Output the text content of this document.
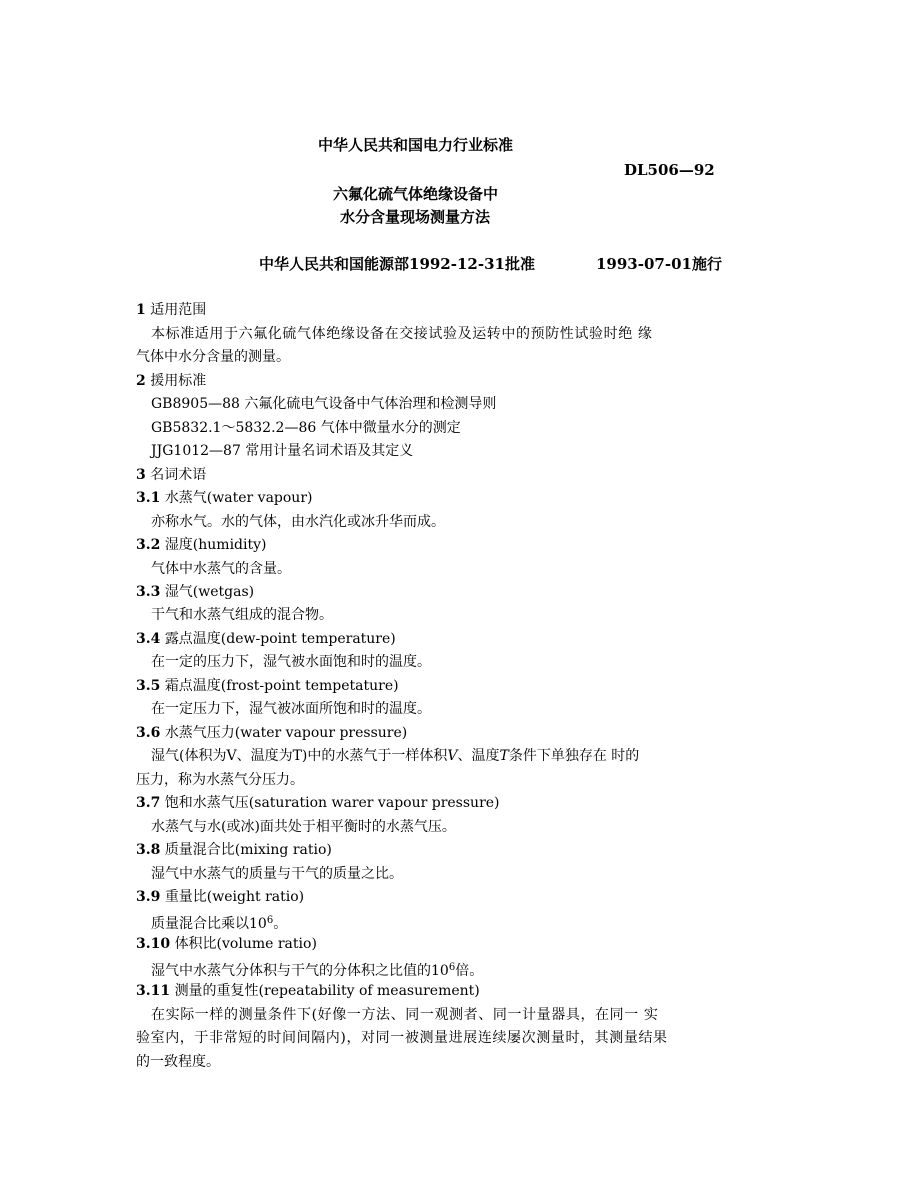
中华人民共和国电力行业标准
DL506—92
六氟化硫气体绝缘设备中
水分含量现场测量方法
中华人民共和国能源部1992-12-31批准	1993-07-01施行
1 适用范围
本标准适用于六氟化硫气体绝缘设备在交接试验及运转中的预防性试验时绝 缘
气体中水分含量的测量。
2 援用标准
GB8905—88 六氟化硫电气设备中气体治理和检测导则
GB5832.1～5832.2—86 气体中微量水分的测定
JJG1012—87 常用计量名词术语及其定义
3 名词术语
3.1 水蒸气(water vapour)
亦称水气。水的气体，由水汽化或冰升华而成。
3.2 湿度(humidity)
气体中水蒸气的含量。
3.3 湿气(wetgas)
干气和水蒸气组成的混合物。
3.4 露点温度(dew-point temperature)
在一定的压力下，湿气被水面饱和时的温度。
3.5 霜点温度(frost-point tempetature)
在一定压力下，湿气被冰面所饱和时的温度。
3.6 水蒸气压力(water vapour pressure)
湿气(体积为V、温度为T)中的水蒸气于一样体积V、温度T条件下单独存在 时的
压力，称为水蒸气分压力。
3.7 饱和水蒸气压(saturation warer vapour pressure)
水蒸气与水(或冰)面共处于相平衡时的水蒸气压。
3.8 质量混合比(mixing ratio)
湿气中水蒸气的质量与干气的质量之比。
3.9 重量比(weight ratio)
质量混合比乘以$10^6$。
3.10 体积比(volume ratio)
湿气中水蒸气分体积与干气的分体积之比值的$10^6$倍。
3.11 测量的重复性(repeatability of measurement)
在实际一样的测量条件下(好像一方法、同一观测者、同一计量器具，在同一 实
验室内，于非常短的时间间隔内)，对同一被测量进展连续屡次测量时，其测量结果
的一致程度。
